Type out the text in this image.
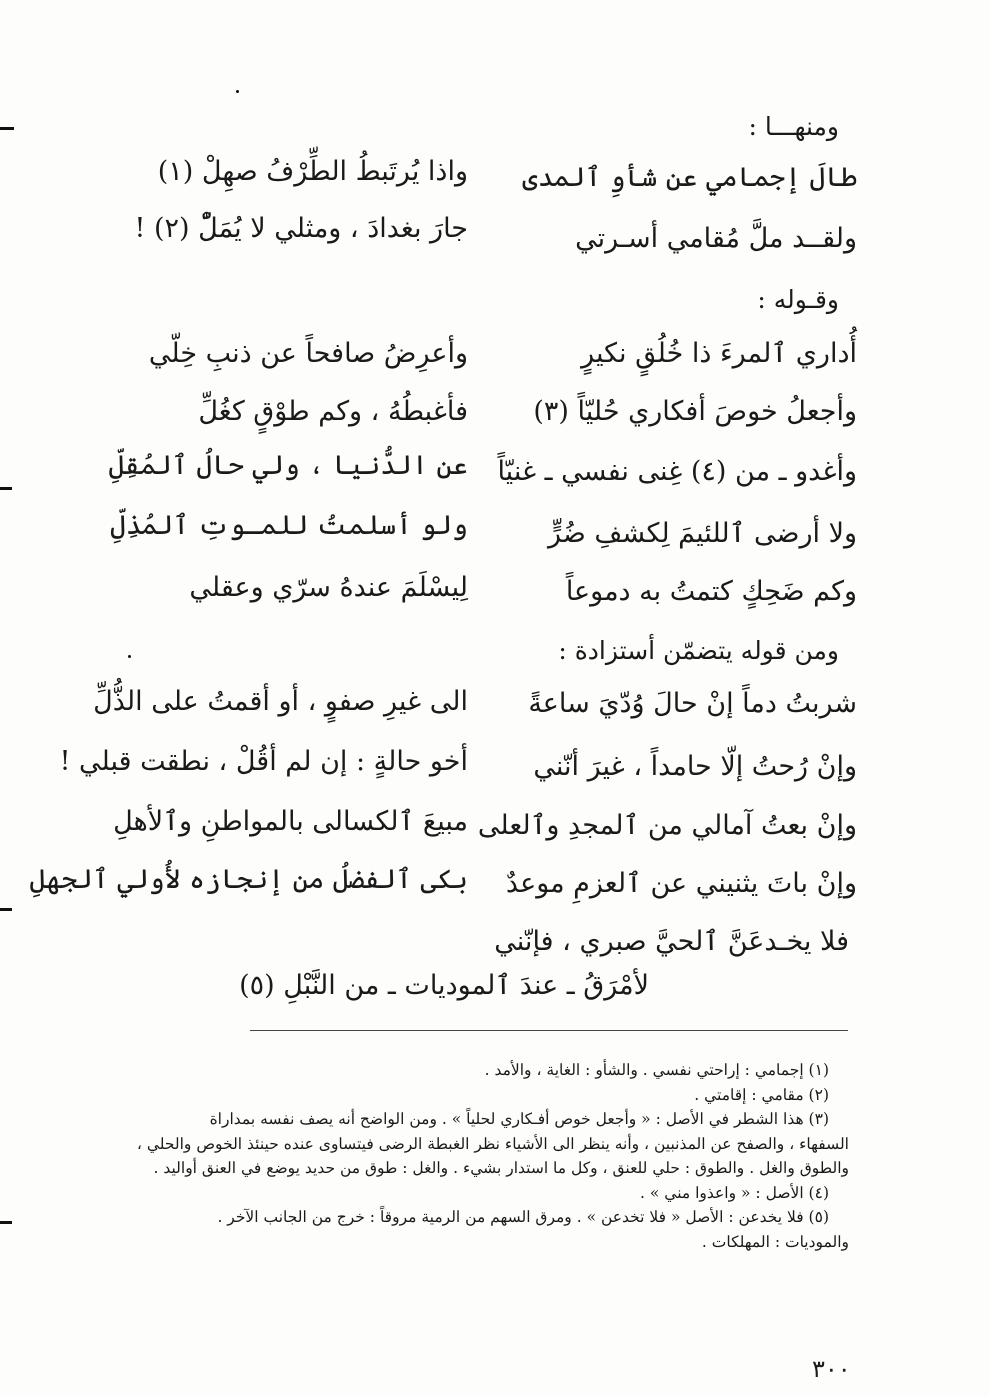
ومنهـــا :
طالَ إجمامي عن شأوِ ٱلمدى
واذا يُرتَبطُ الطِّرْفُ صهِلْ (١)
ولقــد ملَّ مُقامي أسـرتي
جارَ بغدادَ ، ومثلي لا يُمَلّْ (٢) !
وقـوله :
أُداري ٱلمرءَ ذا خُلُقٍ نكيرٍ
وأعرِضُ صافحاً عن ذنبِ خِلّي
وأجعلُ خوصَ أفكاري حُليّاً (٣)
فأغبطُهُ ، وكم طوْقٍ كغُلِّ
وأغدو ـ من (٤) غِنى نفسي ـ غنيّاً
عن الدُّنيا ، ولي حالُ ٱلمُقِلِّ
ولا أرضى ٱللئيمَ لِكشفِ ضُرٍّ
ولو أسلمتُ للمـوتِ ٱلمُذِلِّ
وكم ضَحِكٍ كتمتُ به دموعاً
لِيسْلَمَ عندهُ سرّي وعقلي
ومن قوله يتضمّن أستزادة :
شربتُ دماً إنْ حالَ وُدّيَ ساعةً
الى غيرِ صفوٍ ، أو أقمتُ على الذُّلِّ
وإنْ رُحتُ إلّا حامداً ، غيرَ أنّني
أخو حالةٍ : إن لم أقُلْ ، نطقت قبلي !
وإنْ بعتُ آمالي من ٱلمجدِ وٱلعلى
مبيعَ ٱلكسالى بالمواطنِ وٱلأهلِ
وإنْ باتَ يثنيني عن ٱلعزمِ موعدٌ
بكى ٱلفضلُ من إنجازه لأُولي ٱلجهلِ
فلا يخـدعَنَّ ٱلحيَّ صبري ، فإنّني
لأمْرَقُ ـ عندَ ٱلموديات ـ من النَّبْلِ (٥)
(١) إجمامي : إراحتي نفسي . والشأو : الغاية ، والأمد .
(٢) مقامي : إقامتي .
(٣) هذا الشطر في الأصل : « وأجعل خوص أفـكاري لحلياً » . ومن الواضح أنه يصف نفسه بمداراة
السفهاء ، والصفح عن المذنبين ، وأنه ينظر الى الأشياء نظر الغبطة الرضى فيتساوى عنده حينئذ الخوص والحلي ،
والطوق والغل . والطوق : حلي للعنق ، وكل ما استدار بشيء . والغل : طوق من حديد يوضع في العنق أواليد .
(٤) الأصل : « واعذوا مني » .
(٥) فلا يخدعن : الأصل « فلا تخدعن » . ومرق السهم من الرمية مروقاً : خرج من الجانب الآخر .
والموديات : المهلكات .
٣٠٠
